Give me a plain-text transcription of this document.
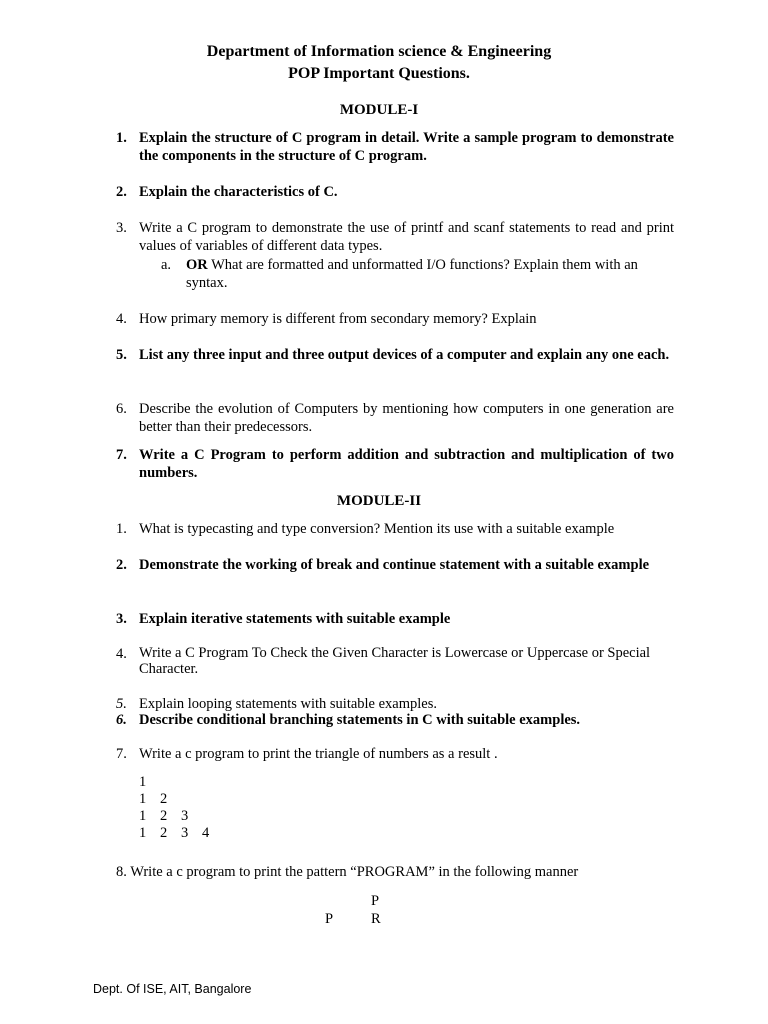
Department of Information science & Engineering
POP Important Questions.
MODULE-I
1. Explain the structure of C program in detail. Write a sample program to demonstrate the components in the structure of C program.
2. Explain the characteristics of C.
3. Write a C program to demonstrate the use of printf and scanf statements to read and print values of variables of different data types.
a. OR What are formatted and unformatted I/O functions? Explain them with an syntax.
4. How primary memory is different from secondary memory? Explain
5. List any three input and three output devices of a computer and explain any one each.
6. Describe the evolution of Computers by mentioning how computers in one generation are better than their predecessors.
7. Write a C Program to perform addition and subtraction and multiplication of two numbers.
MODULE-II
1. What is typecasting and type conversion? Mention its use with a suitable example
2. Demonstrate the working of break and continue statement with a suitable example
3. Explain iterative statements with suitable example
4. Write a C Program To Check the Given Character is Lowercase or Uppercase or Special Character.
5. Explain looping statements with suitable examples.
6. Describe conditional branching statements in C with suitable examples.
7. Write a c program to print the triangle of numbers as a result .
1
1 2
1 2 3
1 2 3 4
8. Write a c program to print the pattern “PROGRAM” in the following manner
P
P	R
Dept. Of ISE, AIT, Bangalore
